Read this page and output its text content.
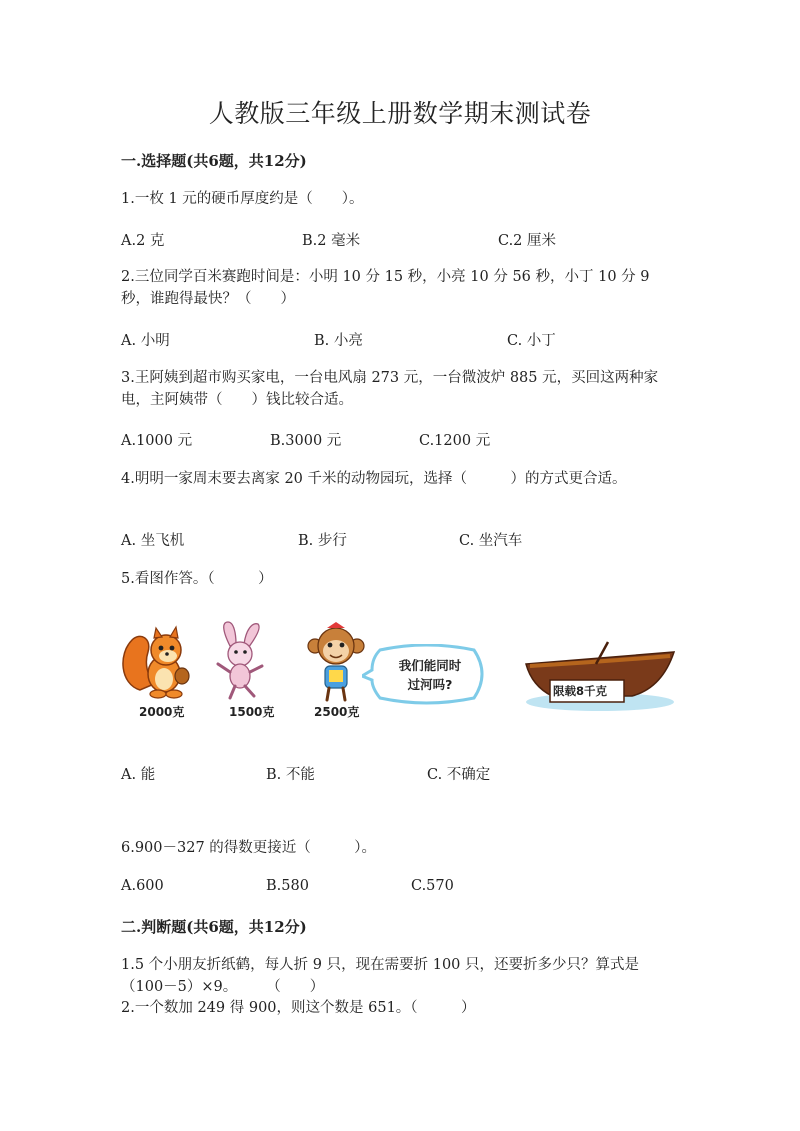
人教版三年级上册数学期末测试卷
一.选择题(共6题，共12分)
1.一枚 1 元的硬币厚度约是（　　）。
A.2 克	B.2 毫米	C.2 厘米
2.三位同学百米赛跑时间是：小明 10 分 15 秒，小亮 10 分 56 秒，小丁 10 分 9 秒，谁跑得最快？（　　）
A. 小明	B. 小亮	C. 小丁
3.王阿姨到超市购买家电，一台电风扇 273 元，一台微波炉 885 元，买回这两种家电，主阿姨带（　　）钱比较合适。
A.1000 元	B.3000 元	C.1200 元
4.明明一家周末要去离家 20 千米的动物园玩，选择（　　　）的方式更合适。
A. 坐飞机	B. 步行	C. 坐汽车
5.看图作答。（　　　）
2000克	1500克	2500克
我们能同时
过河吗?	限载8千克
A. 能	B. 不能	C. 不确定
6.900－327 的得数更接近（　　　）。
A.600	B.580	C.570
二.判断题(共6题，共12分)
1.5 个小朋友折纸鹤，每人折 9 只，现在需要折 100 只，还要折多少只？算式是（100－5）×9。　　　（　　）
2.一个数加 249 得 900，则这个数是 651。（　　　）
